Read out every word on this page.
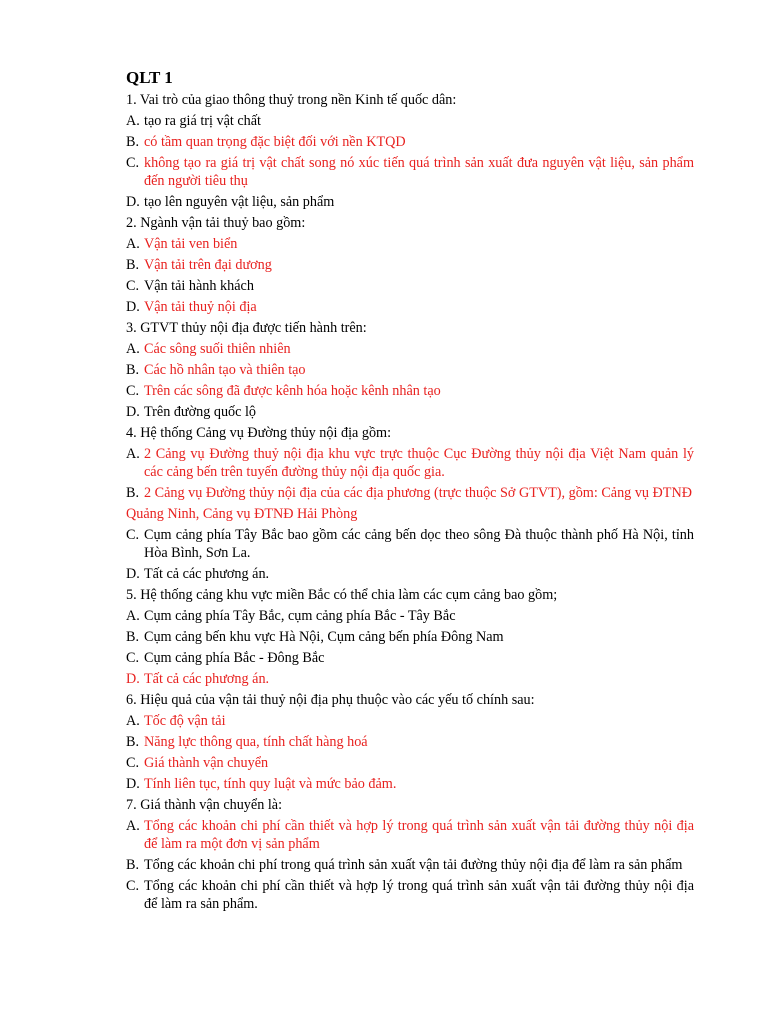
QLT 1
1. Vai trò của giao thông thuỷ trong nền Kinh tế quốc dân:
A. tạo ra giá trị vật chất
B. có tầm quan trọng đặc biệt đối với nền KTQD
C. không tạo ra giá trị vật chất song nó xúc tiến quá trình sản xuất đưa nguyên vật liệu, sản phẩm đến người tiêu thụ
D. tạo lên nguyên vật liệu, sản phẩm
2. Ngành vận tải thuỷ bao gồm:
A. Vận tải ven biển
B. Vận tải trên đại dương
C. Vận tải hành khách
D. Vận tải thuỷ nội địa
3. GTVT thủy nội địa được tiến hành trên:
A. Các sông suối thiên nhiên
B. Các hồ nhân tạo và thiên tạo
C. Trên các sông đã được kênh hóa hoặc kênh nhân tạo
D. Trên đường quốc lộ
4. Hệ thống Cảng vụ Đường thủy nội địa gồm:
A. 2 Cảng vụ Đường thuỷ nội địa khu vực trực thuộc Cục Đường thủy nội địa Việt Nam quản lý các cảng bến trên tuyến đường thủy nội địa quốc gia.
B. 2 Cảng vụ Đường thủy nội địa của các địa phương (trực thuộc Sở GTVT), gồm: Cảng vụ ĐTNĐ
Quảng Ninh, Cảng vụ ĐTNĐ Hải Phòng
C. Cụm cảng phía Tây Bắc bao gồm các cảng bến dọc theo sông Đà thuộc thành phố Hà Nội, tỉnh Hòa Bình, Sơn La.
D. Tất cả các phương án.
5. Hệ thống cảng khu vực miền Bắc có thể chia làm các cụm cảng bao gồm;
A. Cụm cảng phía Tây Bắc, cụm cảng phía Bắc - Tây Bắc
B. Cụm cảng bến khu vực Hà Nội, Cụm cảng bến phía Đông Nam
C. Cụm cảng phía Bắc - Đông Bắc
D. Tất cả các phương án.
6. Hiệu quả của vận tải thuỷ nội địa phụ thuộc vào các yếu tố chính sau:
A. Tốc độ vận tải
B. Năng lực thông qua, tính chất hàng hoá
C. Giá thành vận chuyển
D. Tính liên tục, tính quy luật và mức bảo đảm.
7. Giá thành vận chuyển là:
A. Tổng các khoản chi phí cần thiết và hợp lý trong quá trình sản xuất vận tải đường thủy nội địa để làm ra một đơn vị sản phẩm
B. Tổng các khoản chi phí trong quá trình sản xuất vận tải đường thủy nội địa để làm ra sản phẩm
C. Tổng các khoản chi phí cần thiết và hợp lý trong quá trình sản xuất vận tải đường thủy nội địa để làm ra sản phẩm.
